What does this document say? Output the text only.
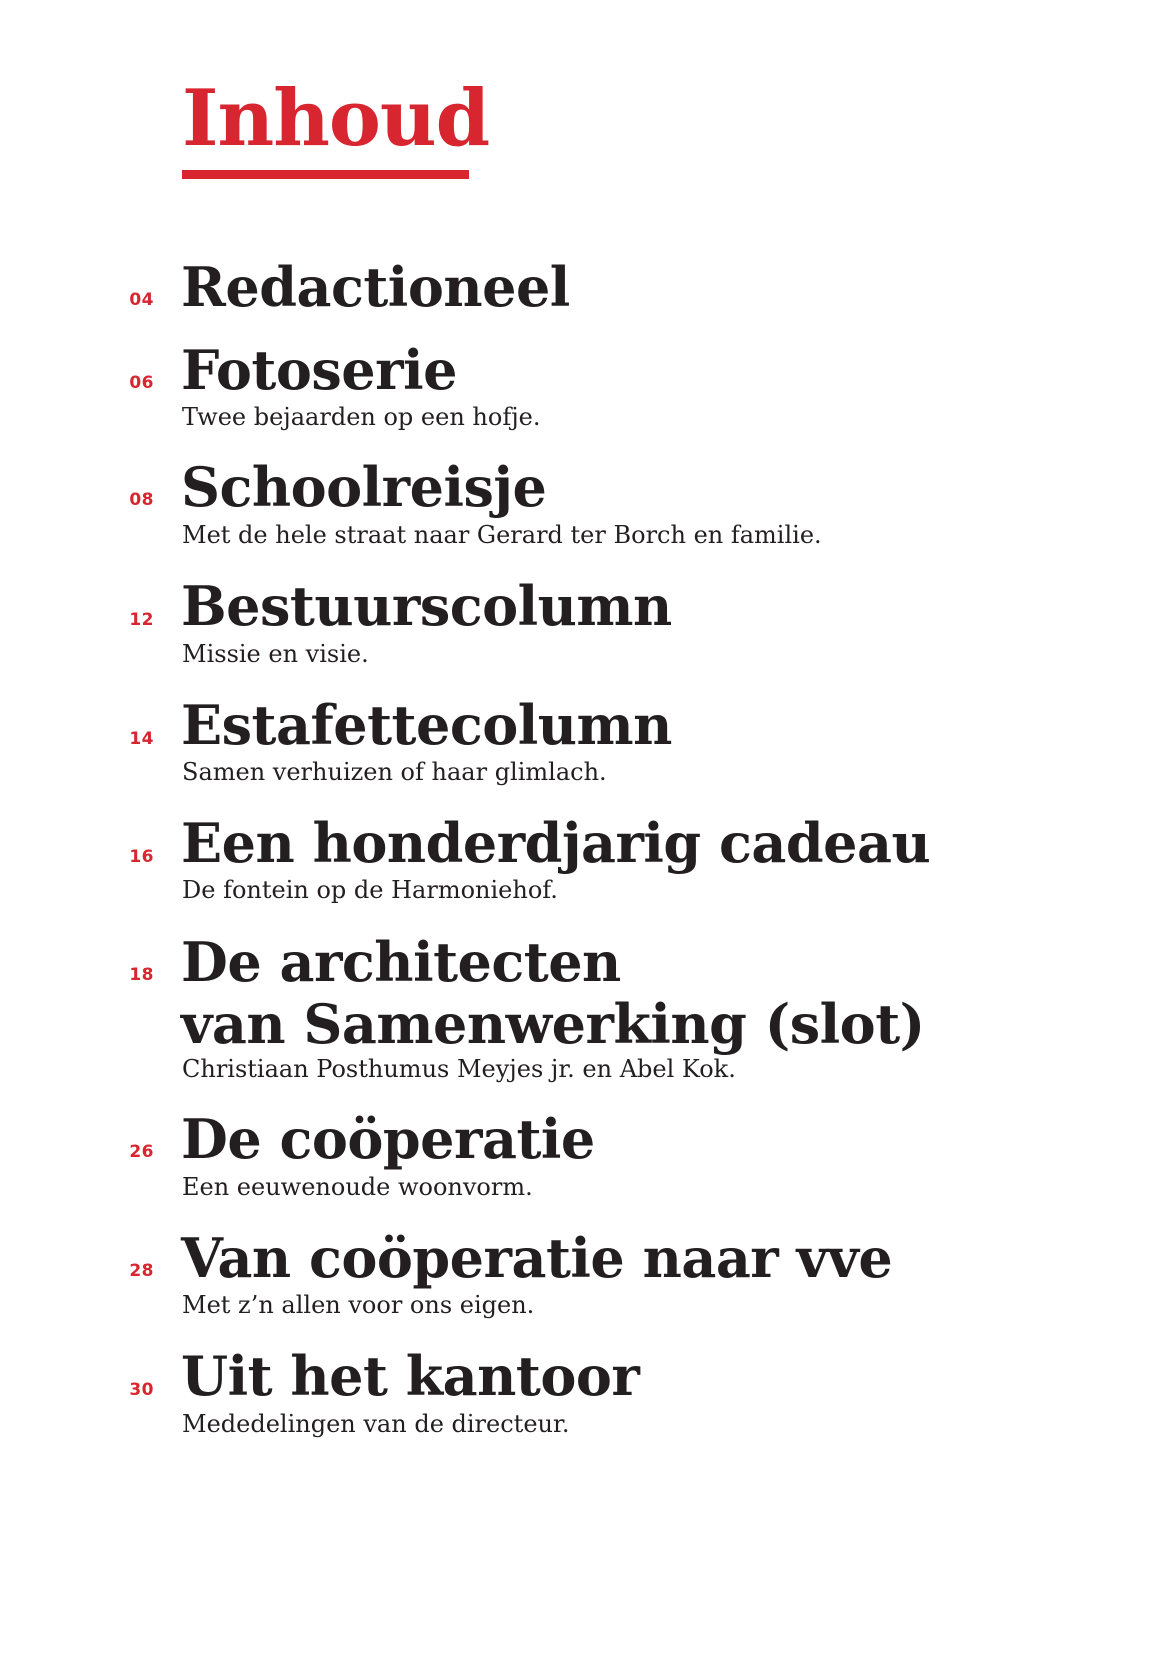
Inhoud
04 Redactioneel
06 Fotoserie
Twee bejaarden op een hofje.
08 Schoolreisje
Met de hele straat naar Gerard ter Borch en familie.
12 Bestuurscolumn
Missie en visie.
14 Estafettecolumn
Samen verhuizen of haar glimlach.
16 Een honderdjarig cadeau
De fontein op de Harmoniehof.
18 De architecten
van Samenwerking (slot)
Christiaan Posthumus Meyjes jr. en Abel Kok.
26 De coöperatie
Een eeuwenoude woonvorm.
28 Van coöperatie naar vve
Met z’n allen voor ons eigen.
30 Uit het kantoor
Mededelingen van de directeur.
